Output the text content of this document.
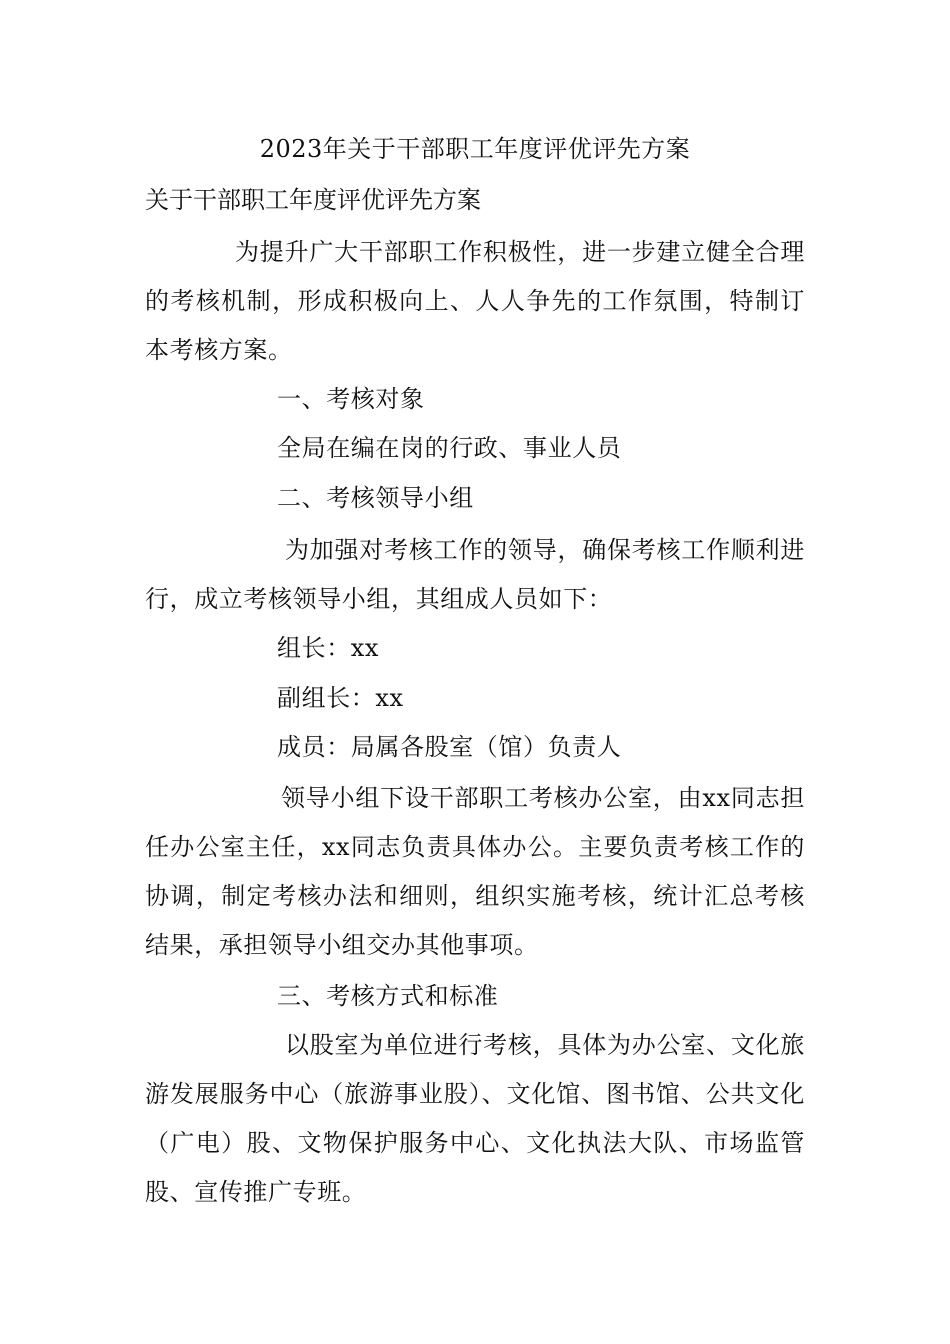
2023年关于干部职工年度评优评先方案
关于干部职工年度评优评先方案

为提升广大干部职工作积极性，进一步建立健全合理的考核机制，形成积极向上、人人争先的工作氛围，特制订本考核方案。

一、考核对象
全局在编在岗的行政、事业人员
二、考核领导小组

为加强对考核工作的领导，确保考核工作顺利进行，成立考核领导小组，其组成人员如下：

组长：xx
副组长：xx
成员：局属各股室（馆）负责人

领导小组下设干部职工考核办公室，由xx同志担任办公室主任，xx同志负责具体办公。主要负责考核工作的协调，制定考核办法和细则，组织实施考核，统计汇总考核结果，承担领导小组交办其他事项。

三、考核方式和标准

以股室为单位进行考核，具体为办公室、文化旅游发展服务中心（旅游事业股）、文化馆、图书馆、公共文化（广电）股、文物保护服务中心、文化执法大队、市场监管股、宣传推广专班。
